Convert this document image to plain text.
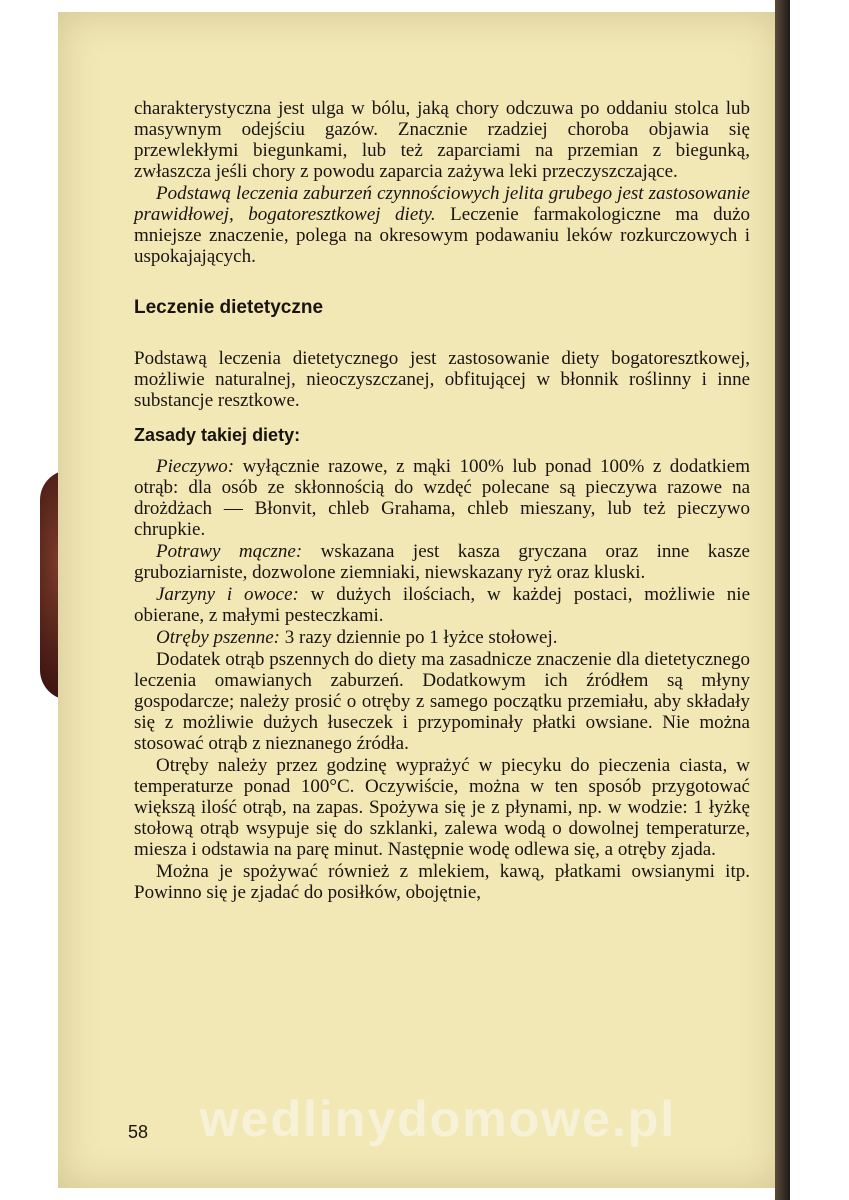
charakterystyczna jest ulga w bólu, jaką chory odczuwa po oddaniu stolca lub masywnym odejściu gazów. Znacznie rzadziej choroba objawia się przewlekłymi biegunkami, lub też zaparciami na przemian z biegunką, zwłaszcza jeśli chory z powodu zaparcia zażywa leki przeczyszczające.

Podstawą leczenia zaburzeń czynnościowych jelita grubego jest zastosowanie prawidłowej, bogatoresztkowej diety. Leczenie farmakologiczne ma dużo mniejsze znaczenie, polega na okresowym podawaniu leków rozkurczowych i uspokajających.

Leczenie dietetyczne

Podstawą leczenia dietetycznego jest zastosowanie diety bogatoresztkowej, możliwie naturalnej, nieoczyszczanej, obfitującej w błonnik roślinny i inne substancje resztkowe.

Zasady takiej diety:

Pieczywo: wyłącznie razowe, z mąki 100% lub ponad 100% z dodatkiem otrąb: dla osób ze skłonnością do wzdęć polecane są pieczywa razowe na drożdżach — Błonvit, chleb Grahama, chleb mieszany, lub też pieczywo chrupkie.

Potrawy mączne: wskazana jest kasza gryczana oraz inne kasze gruboziarniste, dozwolone ziemniaki, niewskazany ryż oraz kluski.

Jarzyny i owoce: w dużych ilościach, w każdej postaci, możliwie nie obierane, z małymi pesteczkami.

Otręby pszenne: 3 razy dziennie po 1 łyżce stołowej.

Dodatek otrąb pszennych do diety ma zasadnicze znaczenie dla dietetycznego leczenia omawianych zaburzeń. Dodatkowym ich źródłem są młyny gospodarcze; należy prosić o otręby z samego początku przemiału, aby składały się z możliwie dużych łuseczek i przypominały płatki owsiane. Nie można stosować otrąb z nieznanego źródła.

Otręby należy przez godzinę wyprażyć w piecyku do pieczenia ciasta, w temperaturze ponad 100°C. Oczywiście, można w ten sposób przygotować większą ilość otrąb, na zapas. Spożywa się je z płynami, np. w wodzie: 1 łyżkę stołową otrąb wsypuje się do szklanki, zalewa wodą o dowolnej temperaturze, miesza i odstawia na parę minut. Następnie wodę odlewa się, a otręby zjada.

Można je spożywać również z mlekiem, kawą, płatkami owsianymi itp. Powinno się je zjadać do posiłków, obojętnie,

wedlinydomowe.pl
58
